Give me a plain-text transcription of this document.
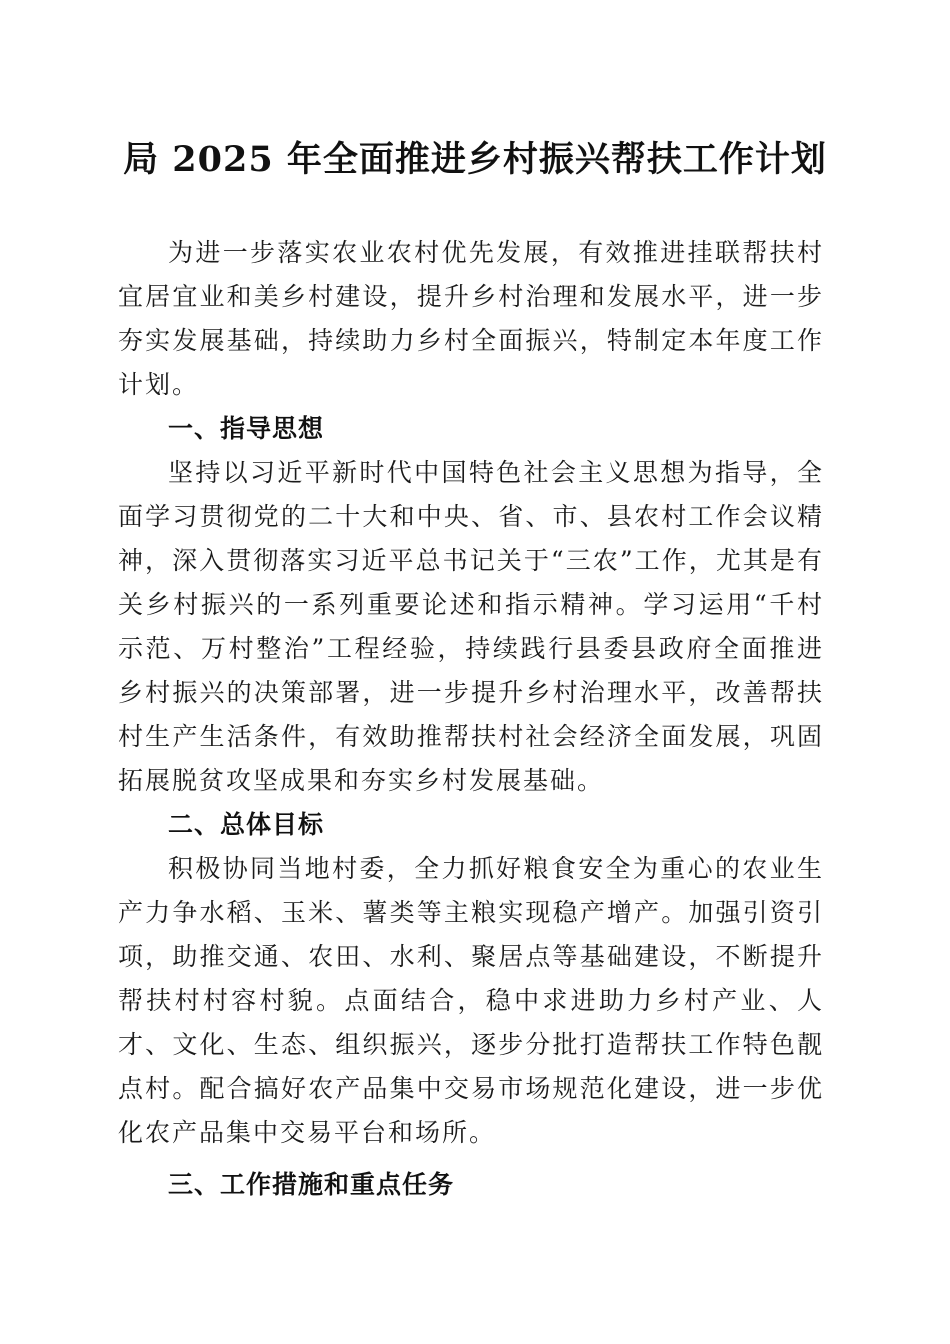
局 2025 年全面推进乡村振兴帮扶工作计划

为进一步落实农业农村优先发展，有效推进挂联帮扶村宜居宜业和美乡村建设，提升乡村治理和发展水平，进一步夯实发展基础，持续助力乡村全面振兴，特制定本年度工作计划。

一、指导思想

坚持以习近平新时代中国特色社会主义思想为指导，全面学习贯彻党的二十大和中央、省、市、县农村工作会议精神，深入贯彻落实习近平总书记关于“三农”工作，尤其是有关乡村振兴的一系列重要论述和指示精神。学习运用“千村示范、万村整治”工程经验，持续践行县委县政府全面推进乡村振兴的决策部署，进一步提升乡村治理水平，改善帮扶村生产生活条件，有效助推帮扶村社会经济全面发展，巩固拓展脱贫攻坚成果和夯实乡村发展基础。

二、总体目标

积极协同当地村委，全力抓好粮食安全为重心的农业生产力争水稻、玉米、薯类等主粮实现稳产增产。加强引资引项，助推交通、农田、水利、聚居点等基础建设，不断提升帮扶村村容村貌。点面结合，稳中求进助力乡村产业、人才、文化、生态、组织振兴，逐步分批打造帮扶工作特色靓点村。配合搞好农产品集中交易市场规范化建设，进一步优化农产品集中交易平台和场所。

三、工作措施和重点任务
